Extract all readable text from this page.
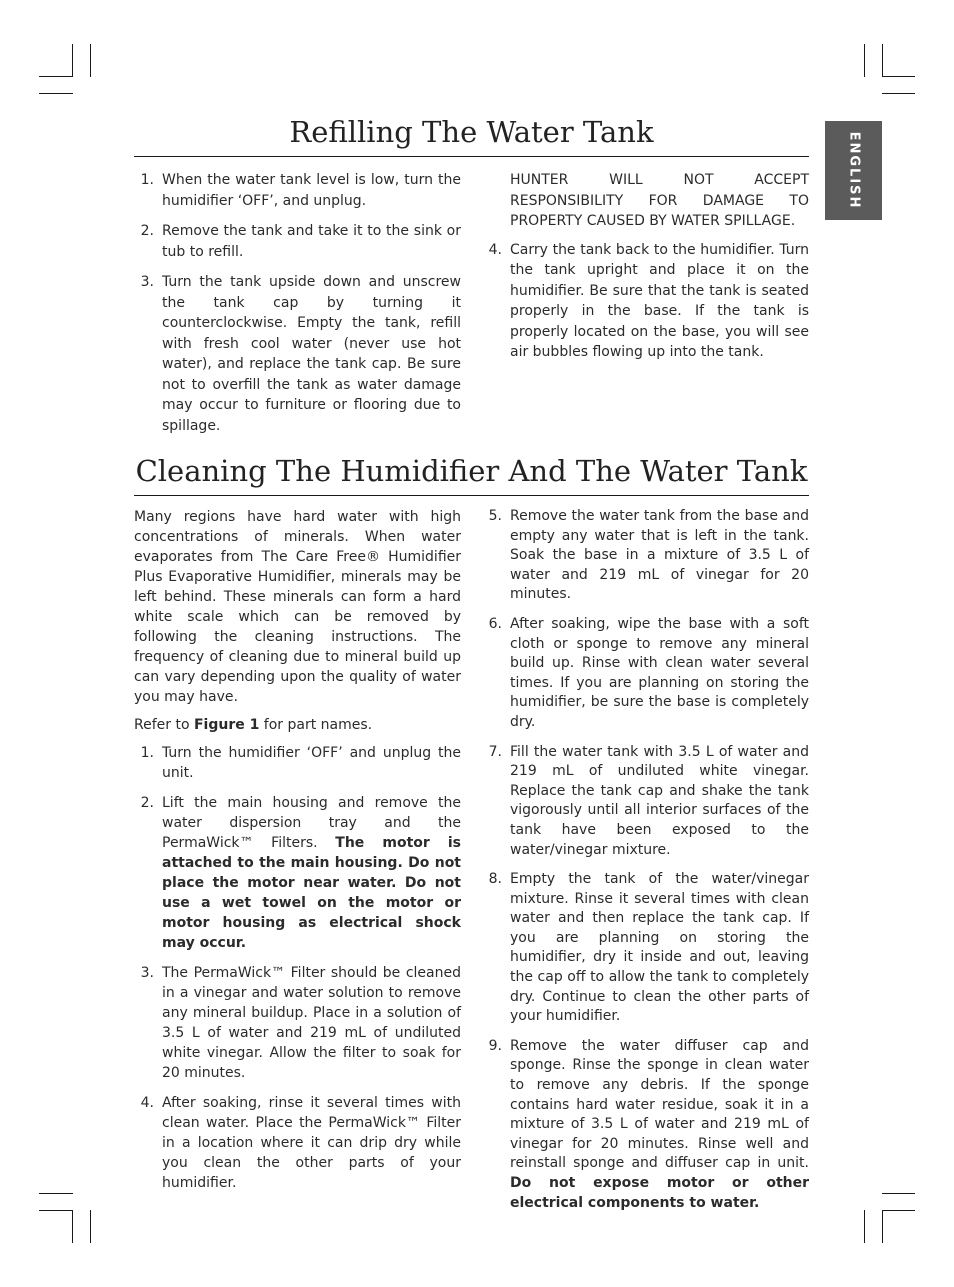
ENGLISH
Refilling The Water Tank
1. When the water tank level is low, turn the humidifier ‘OFF’, and unplug.
2. Remove the tank and take it to the sink or tub to refill.
3. Turn the tank upside down and unscrew the tank cap by turning it counterclockwise. Empty the tank, refill with fresh cool water (never use hot water), and replace the tank cap. Be sure not to overfill the tank as water damage may occur to furniture or flooring due to spillage.

HUNTER WILL NOT ACCEPT RESPONSIBILITY FOR DAMAGE TO PROPERTY CAUSED BY WATER SPILLAGE.

4. Carry the tank back to the humidifier. Turn the tank upright and place it on the humidifier. Be sure that the tank is seated properly in the base. If the tank is properly located on the base, you will see air bubbles flowing up into the tank.
Cleaning The Humidifier And The Water Tank

Many regions have hard water with high concentrations of minerals. When water evaporates from The Care Free® Humidifier Plus Evaporative Humidifier, minerals may be left behind. These minerals can form a hard white scale which can be removed by following the cleaning instructions. The frequency of cleaning due to mineral build up can vary depending upon the quality of water you may have.

Refer to Figure 1 for part names.

1. Turn the humidifier ‘OFF’ and unplug the unit.
2. Lift the main housing and remove the water dispersion tray and the PermaWick™ Filters. The motor is attached to the main housing. Do not place the motor near water. Do not use a wet towel on the motor or motor housing as electrical shock may occur.
3. The PermaWick™ Filter should be cleaned in a vinegar and water solution to remove any mineral buildup. Place in a solution of 3.5 L of water and 219 mL of undiluted white vinegar. Allow the filter to soak for 20 minutes.
4. After soaking, rinse it several times with clean water. Place the PermaWick™ Filter in a location where it can drip dry while you clean the other parts of your humidifier.
5. Remove the water tank from the base and empty any water that is left in the tank. Soak the base in a mixture of 3.5 L of water and 219 mL of vinegar for 20 minutes.
6. After soaking, wipe the base with a soft cloth or sponge to remove any mineral build up. Rinse with clean water several times. If you are planning on storing the humidifier, be sure the base is completely dry.
7. Fill the water tank with 3.5 L of water and 219 mL of undiluted white vinegar. Replace the tank cap and shake the tank vigorously until all interior surfaces of the tank have been exposed to the water/vinegar mixture.
8. Empty the tank of the water/vinegar mixture. Rinse it several times with clean water and then replace the tank cap. If you are planning on storing the humidifier, dry it inside and out, leaving the cap off to allow the tank to completely dry. Continue to clean the other parts of your humidifier.
9. Remove the water diffuser cap and sponge. Rinse the sponge in clean water to remove any debris. If the sponge contains hard water residue, soak it in a mixture of 3.5 L of water and 219 mL of vinegar for 20 minutes. Rinse well and reinstall sponge and diffuser cap in unit. Do not expose motor or other electrical components to water.
